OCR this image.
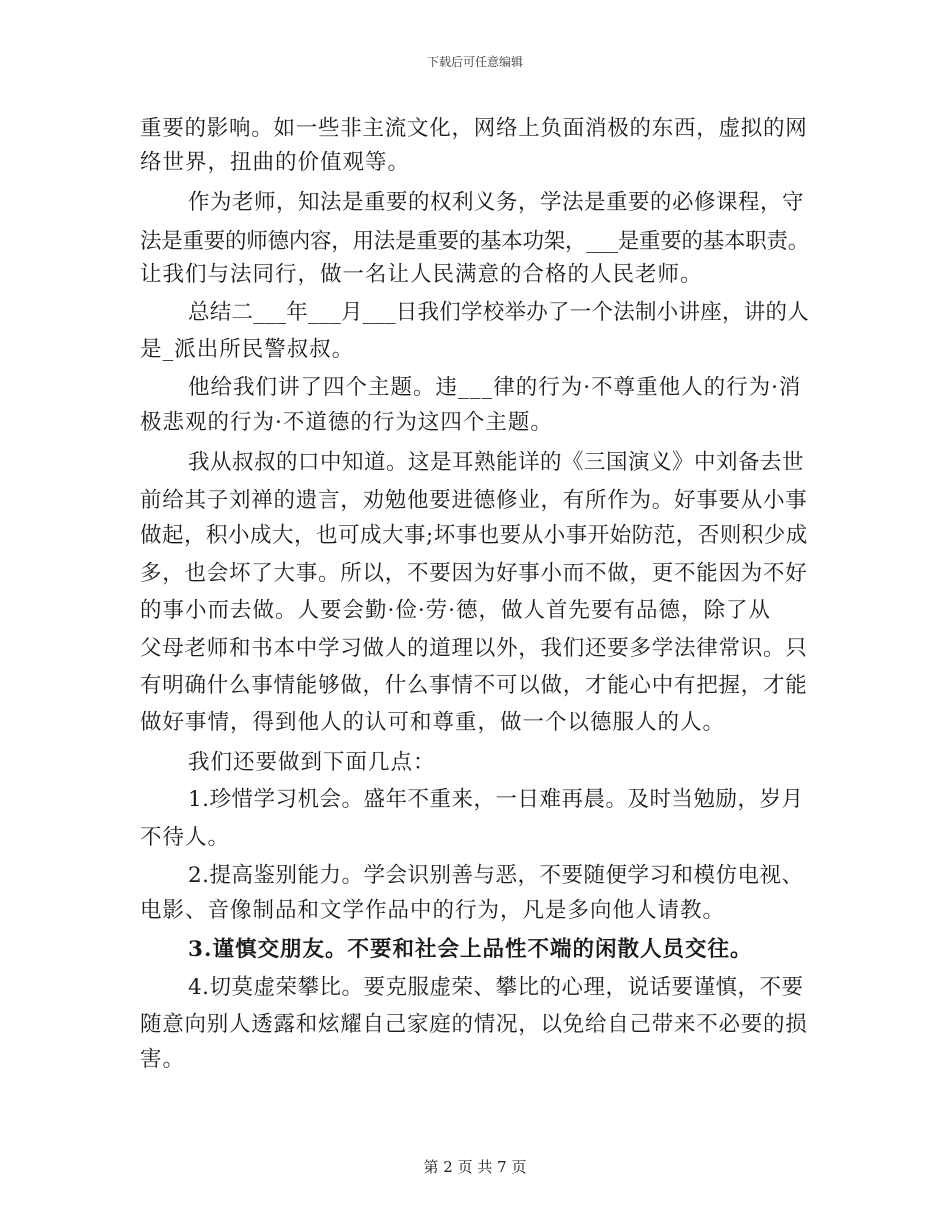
下载后可任意编辑
重要的影响。如一些非主流文化，网络上负面消极的东西，虚拟的网
络世界，扭曲的价值观等。
作为老师，知法是重要的权利义务，学法是重要的必修课程，守
法是重要的师德内容，用法是重要的基本功架，___是重要的基本职责。
让我们与法同行，做一名让人民满意的合格的人民老师。
总结二___年___月___日我们学校举办了一个法制小讲座，讲的人
是_派出所民警叔叔。
他给我们讲了四个主题。违___律的行为·不尊重他人的行为·消
极悲观的行为·不道德的行为这四个主题。
我从叔叔的口中知道。这是耳熟能详的《三国演义》中刘备去世
前给其子刘禅的遗言，劝勉他要进德修业，有所作为。好事要从小事
做起，积小成大，也可成大事;坏事也要从小事开始防范，否则积少成
多，也会坏了大事。所以，不要因为好事小而不做，更不能因为不好
的事小而去做。人要会勤·俭·劳·德，做人首先要有品德，除了从
父母老师和书本中学习做人的道理以外，我们还要多学法律常识。只
有明确什么事情能够做，什么事情不可以做，才能心中有把握，才能
做好事情，得到他人的认可和尊重，做一个以德服人的人。
我们还要做到下面几点：
1.珍惜学习机会。盛年不重来，一日难再晨。及时当勉励，岁月
不待人。
2.提高鉴别能力。学会识别善与恶，不要随便学习和模仿电视、
电影、音像制品和文学作品中的行为，凡是多向他人请教。
3.谨慎交朋友。不要和社会上品性不端的闲散人员交往。
4.切莫虚荣攀比。要克服虚荣、攀比的心理，说话要谨慎，不要
随意向别人透露和炫耀自己家庭的情况，以免给自己带来不必要的损
害。
第 2 页 共 7 页
